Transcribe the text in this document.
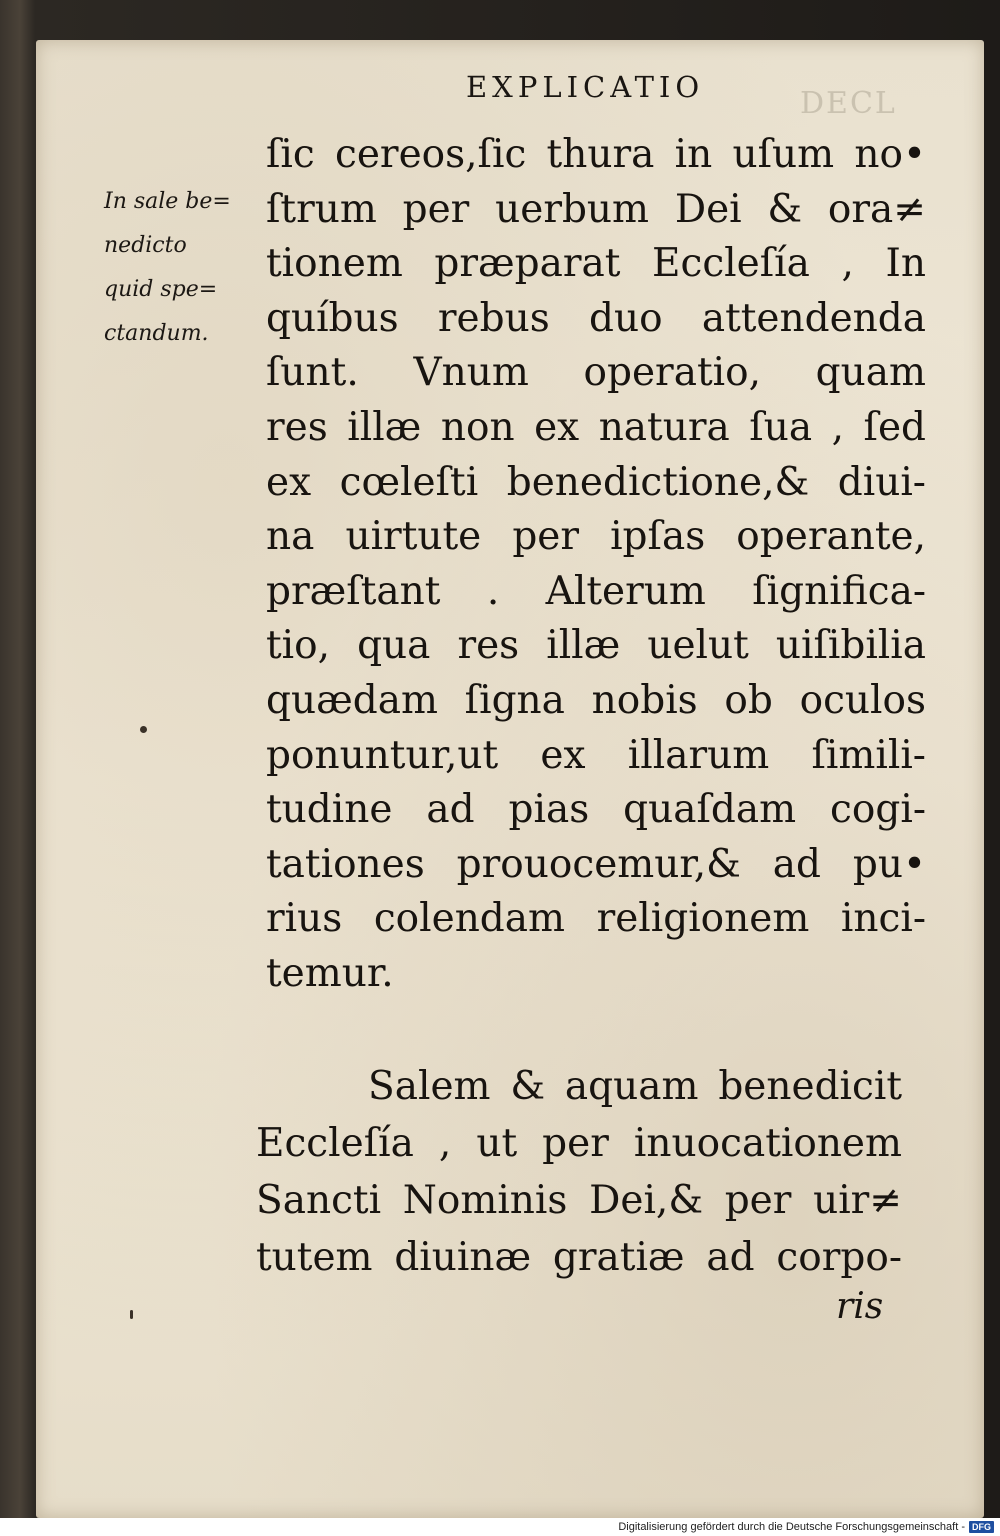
DECL
EXPLICATIO
In sale be=
nedicto
quid spe=
ctandum.
ſic cereos,ſic thura in uſum no•
ſtrum per uerbum Dei & ora≠
tionem præparat Eccleſía , In
quíbus rebus duo attendenda
ſunt. Vnum operatio, quam
res illæ non ex natura ſua , ſed
ex cœleſti benedictione,& diui-
na uirtute per ipſas operante,
præſtant . Alterum ſignifica-
tio, qua res illæ uelut uiſibilia
quædam ſigna nobis ob oculos
ponuntur,ut ex illarum ſimili-
tudine ad pias quaſdam cogi-
tationes prouocemur,& ad pu•
rius colendam religionem inci-
temur.
Salem & aquam benedicit
Eccleſía , ut per inuocationem
Sancti Nominis Dei,& per uir≠
tutem diuinæ gratiæ ad corpo-
ris
Digitalisierung gefördert durch die Deutsche Forschungsgemeinschaft - DFG
